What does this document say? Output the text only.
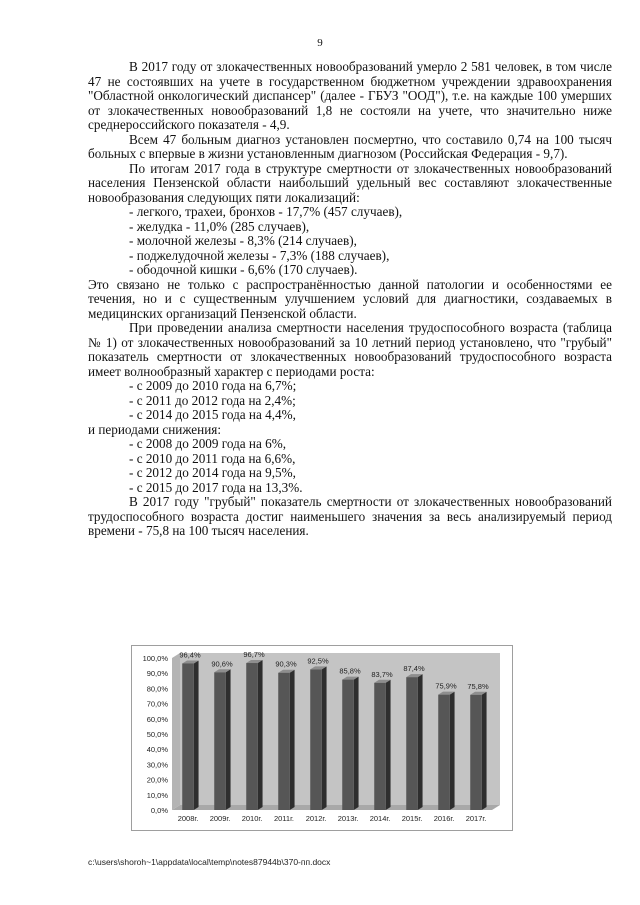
9

В 2017 году от злокачественных новообразований умерло 2 581 человек, в том числе 47 не состоявших на учете в государственном бюджетном учреждении здравоохранения "Областной онкологический диспансер" (далее - ГБУЗ "ООД"), т.е. на каждые 100 умерших от злокачественных новообразований 1,8 не состояли на учете, что значительно ниже среднероссийского показателя - 4,9.

Всем 47 больным диагноз установлен посмертно, что составило 0,74 на 100 тысяч больных с впервые в жизни установленным диагнозом (Российская Федерация - 9,7).

По итогам 2017 года в структуре смертности от злокачественных новообразований населения Пензенской области наибольший удельный вес составляют злокачественные новообразования следующих пяти локализаций:

- легкого, трахеи, бронхов - 17,7% (457 случаев),
- желудка - 11,0% (285 случаев),
- молочной железы - 8,3% (214 случаев),
- поджелудочной железы - 7,3% (188 случаев),
- ободочной кишки - 6,6% (170 случаев).

Это связано не только с распространённостью данной патологии и особенностями ее течения, но и с существенным улучшением условий для диагностики, создаваемых в медицинских организаций Пензенской области.

При проведении анализа смертности населения трудоспособного возраста (таблица № 1) от злокачественных новообразований за 10 летний период установлено, что "грубый" показатель смертности от злокачественных новообразований трудоспособного возраста имеет волнообразный характер с периодами роста:

- с 2009 до 2010 года на 6,7%;
- с 2011 до 2012 года на 2,4%;
- с 2014 до 2015 года на 4,4%,

и периодами снижения:

- с 2008 до 2009 года на 6%,
- с 2010 до 2011 года на 6,6%,
- с 2012 до 2014 года на 9,5%,
- с 2015 до 2017 года на 13,3%.

В 2017 году "грубый" показатель смертности от злокачественных новообразований трудоспособного возраста достиг наименьшего значения за весь анализируемый период времени - 75,8 на 100 тысяч населения.

0,0%
10,0%
20,0%
30,0%
40,0%
50,0%
60,0%
70,0%
80,0%
90,0%
100,0% 96,4%
2008г.
90,6%
2009г.
96,7%
2010г.
90,3%
2011г.
92,5%
2012г.
85,8%
2013г.
83,7%
2014г.
87,4%
2015г.
75,9%
2016г.
75,8%
2017г.
c:\users\shoroh~1\appdata\local\temp\notes87944b\370-пп.docx
